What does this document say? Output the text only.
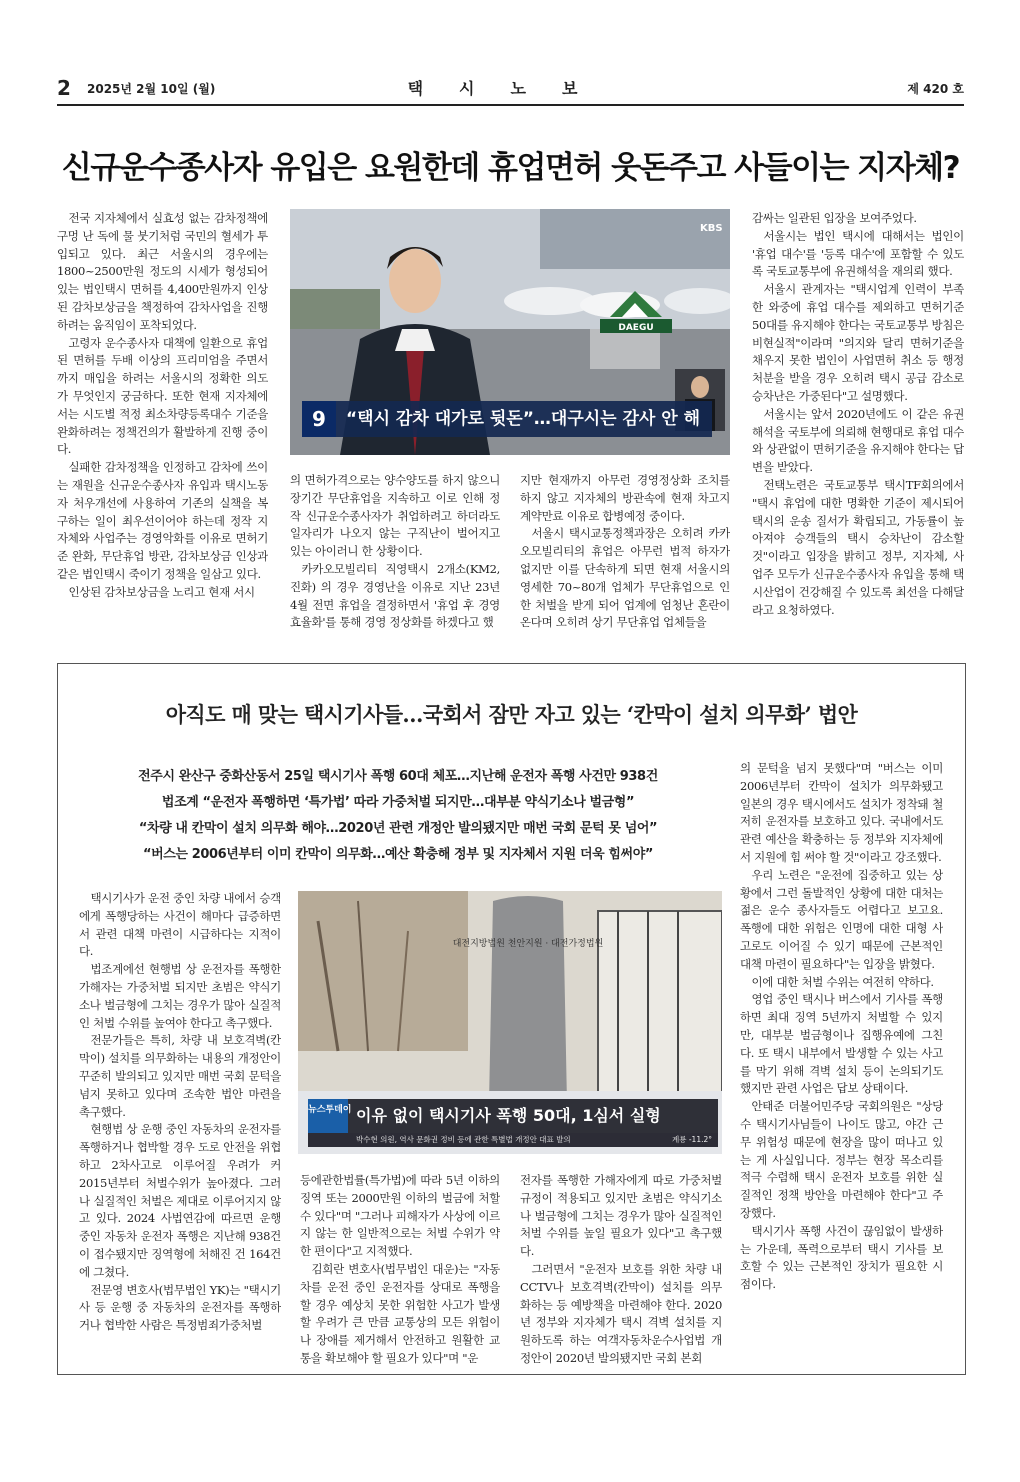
2 2025년 2월 10일 (월)	택시노보	제 420 호
신규운수종사자 유입은 요원한데 휴업면허 웃돈주고 사들이는 지자체?

전국 지자체에서 실효성 없는 감차정책에 구멍 난 독에 물 붓기처럼 국민의 혈세가 투입되고 있다. 최근 서울시의 경우에는 1800~2500만원 정도의 시세가 형성되어 있는 법인택시 면허를 4,400만원까지 인상된 감차보상금을 책정하여 감차사업을 진행하려는 움직임이 포착되었다.

고령자 운수종사자 대책에 일환으로 휴업된 면허를 두배 이상의 프리미엄을 주면서까지 매입을 하려는 서울시의 정확한 의도가 무엇인지 궁금하다. 또한 현재 지자체에서는 시도별 적정 최소차량등록대수 기준을 완화하려는 정책건의가 활발하게 진행 중이다.

실패한 감차정책을 인정하고 감차에 쓰이는 재원을 신규운수종사자 유입과 택시노동자 처우개선에 사용하여 기존의 실책을 복구하는 일이 최우선이어야 하는데 정작 지자체와 사업주는 경영악화를 이유로 면허기준 완화, 무단휴업 방관, 감차보상금 인상과 같은 법인택시 죽이기 정책을 일삼고 있다.

인상된 감차보상금을 노리고 현재 서시

DAEGU
KBS
9	“택시 감차 대가로 뒷돈”…대구시는 감사 안 해

의 면허가격으로는 양수양도를 하지 않으니 장기간 무단휴업을 지속하고 이로 인해 정작 신규운수종사자가 취업하려고 하더라도 일자리가 나오지 않는 구직난이 벌어지고 있는 아이러니 한 상황이다.

카카오모빌리티 직영택시 2개소(KM2, 진화) 의 경우 경영난을 이유로 지난 23년 4월 전면 휴업을 결정하면서 '휴업 후 경영효율화'를 통해 경영 정상화를 하겠다고 했

지만 현재까지 아무런 경영정상화 조치를 하지 않고 지자체의 방관속에 현재 차고지 계약만료 이유로 합병예정 중이다.

서울시 택시교통정책과장은 오히려 카카오모빌리티의 휴업은 아무런 법적 하자가 없지만 이를 단속하게 되면 현재 서울시의 영세한 70~80개 업체가 무단휴업으로 인한 처벌을 받게 되어 업계에 엄청난 혼란이 온다며 오히려 상기 무단휴업 업체들을

감싸는 일관된 입장을 보여주었다.

서울시는 법인 택시에 대해서는 법인이 '휴업 대수'를 '등록 대수'에 포함할 수 있도록 국토교통부에 유권해석을 재의뢰 했다.

서울시 관계자는 "택시업계 인력이 부족한 와중에 휴업 대수를 제외하고 면허기준 50대를 유지해야 한다는 국토교통부 방침은 비현실적"이라며 "의지와 달리 면허기준을 채우지 못한 법인이 사업면허 취소 등 행정처분을 받을 경우 오히려 택시 공급 감소로 승차난은 가중된다"고 설명했다.

서울시는 앞서 2020년에도 이 같은 유권해석을 국토부에 의뢰해 현행대로 휴업 대수와 상관없이 면허기준을 유지해야 한다는 답변을 받았다.

전택노련은 국토교통부 택시TF회의에서 "택시 휴업에 대한 명확한 기준이 제시되어 택시의 운송 질서가 확립되고, 가동률이 높아져야 승객들의 택시 승차난이 감소할 것"이라고 입장을 밝히고 정부, 지자체, 사업주 모두가 신규운수종사자 유입을 통해 택시산업이 건강해질 수 있도록 최선을 다해달라고 요청하였다.

아직도 매 맞는 택시기사들…국회서 잠만 자고 있는 ‘칸막이 설치 의무화’ 법안
전주시 완산구 중화산동서 25일 택시기사 폭행 60대 체포…지난해 운전자 폭행 사건만 938건
법조계 “운전자 폭행하면 ‘특가법’ 따라 가중처벌 되지만…대부분 약식기소나 벌금형”
“차량 내 칸막이 설치 의무화 해야…2020년 관련 개정안 발의됐지만 매번 국회 문턱 못 넘어”
“버스는 2006년부터 이미 칸막이 의무화…예산 확충해 정부 및 지자체서 지원 더욱 힘써야”

택시기사가 운전 중인 차량 내에서 승객에게 폭행당하는 사건이 해마다 급증하면서 관련 대책 마련이 시급하다는 지적이다.

법조계에선 현행법 상 운전자를 폭행한 가해자는 가중처벌 되지만 초범은 약식기소나 벌금형에 그치는 경우가 많아 실질적인 처벌 수위를 높여야 한다고 촉구했다.

전문가들은 특히, 차량 내 보호격벽(칸막이) 설치를 의무화하는 내용의 개정안이 꾸준히 발의되고 있지만 매번 국회 문턱을 넘지 못하고 있다며 조속한 법안 마련을 촉구했다.

현행법 상 운행 중인 자동차의 운전자를 폭행하거나 협박할 경우 도로 안전을 위협하고 2차사고로 이루어질 우려가 커 2015년부터 처벌수위가 높아졌다. 그러나 실질적인 처벌은 제대로 이루어지지 않고 있다. 2024 사법연감에 따르면 운행 중인 자동차 운전자 폭행은 지난해 938건이 접수됐지만 징역형에 처해진 건 164건에 그쳤다.

전문영 변호사(법무법인 YK)는 "택시기사 등 운행 중 자동차의 운전자를 폭행하거나 협박한 사람은 특정범죄가중처벌

대전지방법원 천안지원 · 대전가정법원
뉴스투데이 이유 없이 택시기사 폭행 50대, 1심서 실형
박수현 의원, 역사 문화권 정비 등에 관한 특별법 개정안 대표 발의	계룡 -11.2°

등에관한법률(특가법)에 따라 5년 이하의 징역 또는 2000만원 이하의 벌금에 처할 수 있다"며 "그러나 피해자가 사상에 이르지 않는 한 일반적으로는 처벌 수위가 약한 편이다"고 지적했다.

김희란 변호사(법무법인 대운)는 "자동차를 운전 중인 운전자를 상대로 폭행을 할 경우 예상치 못한 위험한 사고가 발생할 우려가 큰 만큼 교통상의 모든 위험이나 장애를 제거해서 안전하고 원활한 교통을 확보해야 할 필요가 있다"며 "운

전자를 폭행한 가해자에게 따로 가중처벌 규정이 적용되고 있지만 초범은 약식기소나 벌금형에 그치는 경우가 많아 실질적인 처벌 수위를 높일 필요가 있다"고 촉구했다.

그러면서 "운전자 보호를 위한 차량 내 CCTV나 보호격벽(칸막이) 설치를 의무화하는 등 예방책을 마련해야 한다. 2020년 정부와 지자체가 택시 격벽 설치를 지원하도록 하는 여객자동차운수사업법 개정안이 2020년 발의됐지만 국회 본회

의 문턱을 넘지 못했다"며 "버스는 이미 2006년부터 칸막이 설치가 의무화됐고 일본의 경우 택시에서도 설치가 정착돼 철저히 운전자를 보호하고 있다. 국내에서도 관련 예산을 확충하는 등 정부와 지자체에서 지원에 힘 써야 할 것"이라고 강조했다.

우리 노련은 "운전에 집중하고 있는 상황에서 그런 돌발적인 상황에 대한 대처는 젊은 운수 종사자들도 어렵다고 보고요. 폭행에 대한 위험은 인명에 대한 대형 사고로도 이어질 수 있기 때문에 근본적인 대책 마련이 필요하다"는 입장을 밝혔다.

이에 대한 처벌 수위는 여전히 약하다.

영업 중인 택시나 버스에서 기사를 폭행하면 최대 징역 5년까지 처벌할 수 있지만, 대부분 벌금형이나 집행유예에 그친다. 또 택시 내부에서 발생할 수 있는 사고를 막기 위해 격벽 설치 등이 논의되기도 했지만 관련 사업은 답보 상태이다.

안태준 더불어민주당 국회의원은 "상당수 택시기사님들이 나이도 많고, 야간 근무 위험성 때문에 현장을 많이 떠나고 있는 게 사실입니다. 정부는 현장 목소리를 적극 수렴해 택시 운전자 보호를 위한 실질적인 정책 방안을 마련해야 한다"고 주장했다.

택시기사 폭행 사건이 끊임없이 발생하는 가운데, 폭력으로부터 택시 기사를 보호할 수 있는 근본적인 장치가 필요한 시점이다.
